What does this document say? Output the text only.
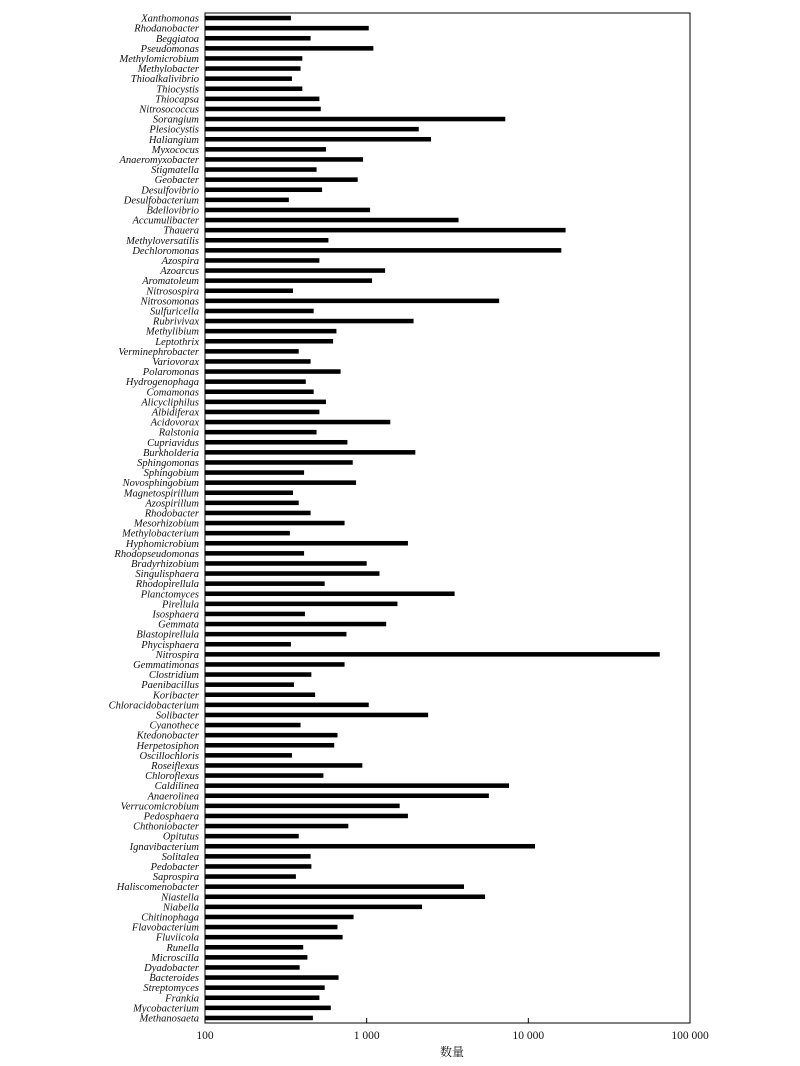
Xanthomonas
Rhodanobacter
Beggiatoa
Pseudomonas
Methylomicrobium
Methylobacter
Thioalkalivibrio
Thiocystis
Thiocapsa
Nitrosococcus
Sorangium
Plesiocystis
Haliangium
Myxococus
Anaeromyxobacter
Stigmatella
Geobacter
Desulfovibrio
Desulfobacterium
Bdellovibrio
Accumulibacter
Thauera
Methyloversatilis
Dechloromonas
Azospira
Azoarcus
Aromatoleum
Nitrosospira
Nitrosomonas
Sulfuricella
Rubrivivax
Methylibium
Leptothrix
Verminephrobacter
Variovorax
Polaromonas
Hydrogenophaga
Comamonas
Alicycliphilus
Albidiferax
Acidovorax
Ralstonia
Cupriavidus
Burkholderia
Sphingomonas
Sphingobium
Novosphingobium
Magnetospirillum
Azospirillum
Rhodobacter
Mesorhizobium
Methylobacterium
Hyphomicrobium
Rhodopseudomonas
Bradyrhizobium
Singulisphaera
Rhodopirellula
Planctomyces
Pirellula
Isosphaera
Gemmata
Blastopirellula
Phycisphaera
Nitrospira
Gemmatimonas
Clostridium
Paenibacillus
Koribacter
Chloracidobacterium
Solibacter
Cyanothece
Ktedonobacter
Herpetosiphon
Oscillochloris
Roseiflexus
Chloroflexus
Caldilinea
Anaerolinea
Verrucomicrobium
Pedosphaera
Chthoniobacter
Opitutus
Ignavibacterium
Solitalea
Pedobacter
Saprospira
Haliscomenobacter
Niastella
Niabella
Chitinophaga
Flavobacterium
Fluviicola
Runella
Microscilla
Dyadobacter
Bacteroides
Streptomyces
Frankia
Mycobacterium
Methanosaeta
100	1 000	10 000	100 000
数量
